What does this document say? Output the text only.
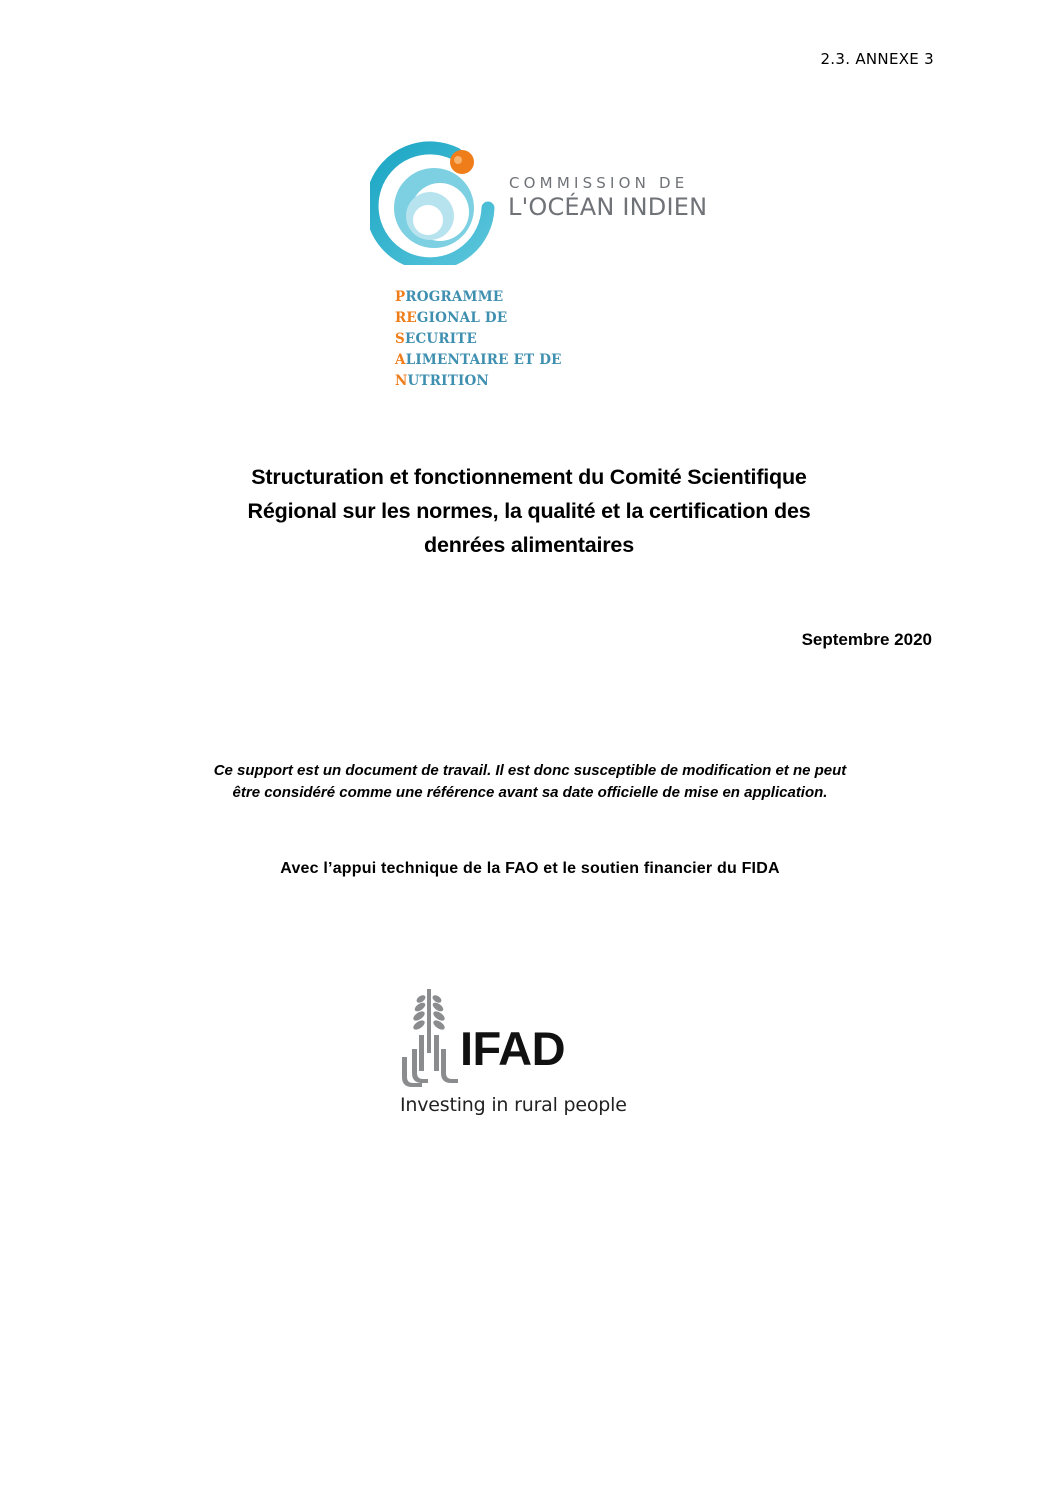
2.3. ANNEXE 3
COMMISSION DE
L'OCÉAN INDIEN
PROGRAMME
REGIONAL DE
SECURITE
ALIMENTAIRE ET DE
NUTRITION
Structuration et fonctionnement du Comité Scientifique
Régional sur les normes, la qualité et la certification des
denrées alimentaires
Septembre 2020
Ce support est un document de travail. Il est donc susceptible de modification et ne peut
être considéré comme une référence avant sa date officielle de mise en application.
Avec l’appui technique de la FAO et le soutien financier du FIDA
IFAD
Investing in rural people
